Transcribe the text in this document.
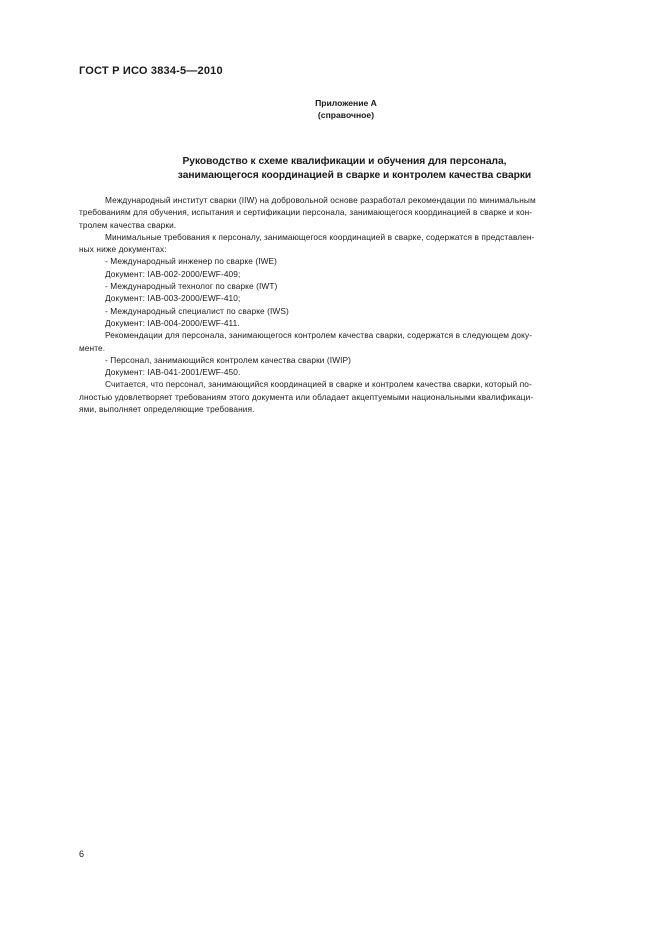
ГОСТ Р ИСО 3834-5—2010
Приложение А
(справочное)
Руководство к схеме квалификации и обучения для персонала,
занимающегося координацией в сварке и контролем качества сварки
Международный институт сварки (IIW) на добровольной основе разработал рекомендации по минимальным
требованиям для обучения, испытания и сертификации персонала, занимающегося координацией в сварке и кон-
тролем качества сварки.
Минимальные требования к персоналу, занимающегося координацией в сварке, содержатся в представлен-
ных ниже документах:
- Международный инженер по сварке (IWE)
Документ: IAB-002-2000/EWF-409;
- Международный технолог по сварке (IWT)
Документ: IAB-003-2000/EWF-410;
- Международный специалист по сварке (IWS)
Документ: IAB-004-2000/EWF-411.
Рекомендации для персонала, занимающегося контролем качества сварки, содержатся в следующем доку-
менте.
- Персонал, занимающийся контролем качества сварки (IWIP)
Документ: IAB-041-2001/EWF-450.
Считается, что персонал, занимающийся координацией в сварке и контролем качества сварки, который по-
лностью удовлетворяет требованиям этого документа или обладает акцептуемыми национальными квалификаци-
ями, выполняет определяющие требования.
6
